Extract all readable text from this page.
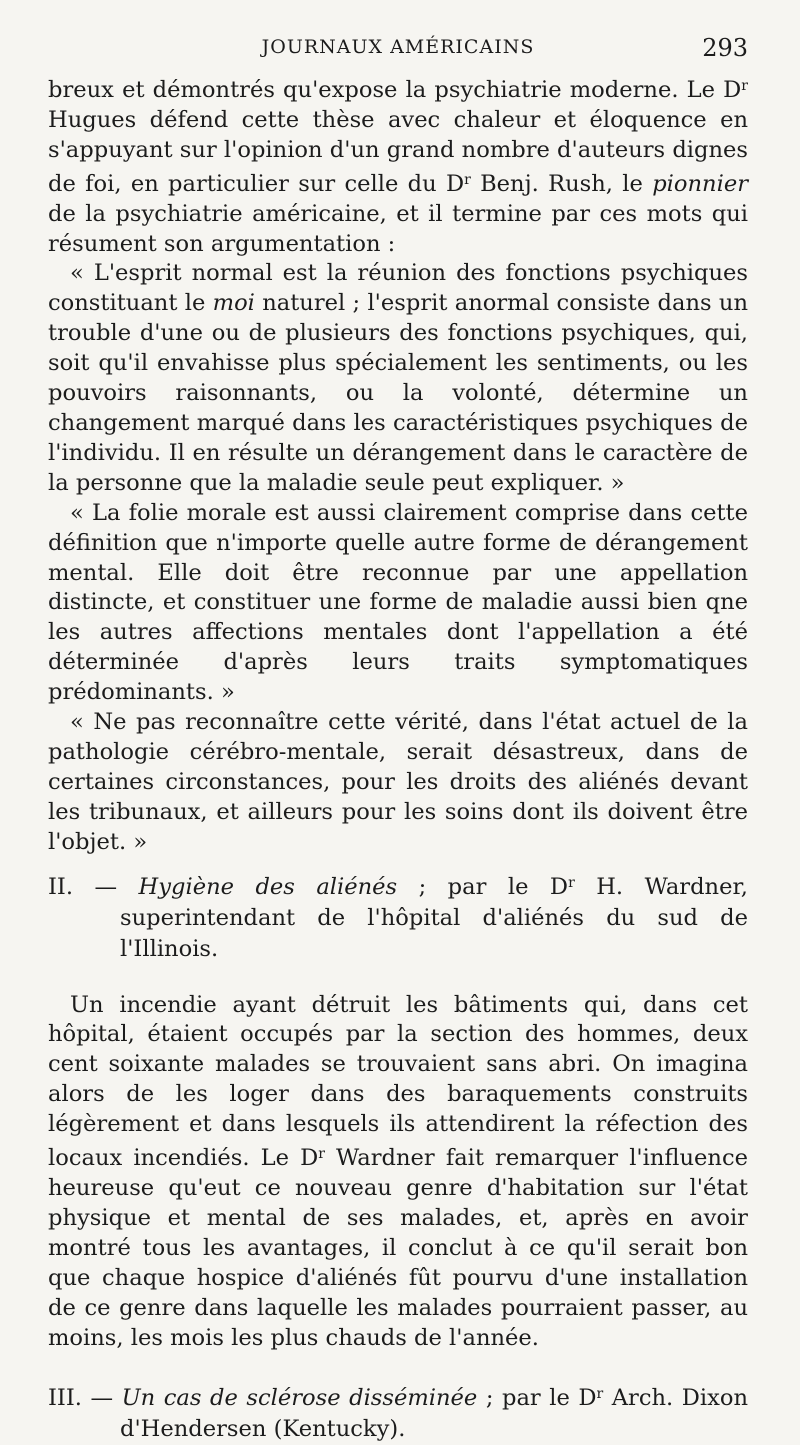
JOURNAUX AMÉRICAINS	293

breux et démontrés qu'expose la psychiatrie moderne. Le $D^r$ Hugues défend cette thèse avec chaleur et éloquence en s'appuyant sur l'opinion d'un grand nombre d'auteurs dignes de foi, en particulier sur celle du $D^r$ Benj. Rush, le pionnier de la psychiatrie américaine, et il termine par ces mots qui résument son argumentation :

« L'esprit normal est la réunion des fonctions psychiques constituant le moi naturel ; l'esprit anormal consiste dans un trouble d'une ou de plusieurs des fonctions psychiques, qui, soit qu'il envahisse plus spécialement les sentiments, ou les pouvoirs raisonnants, ou la volonté, détermine un changement marqué dans les caractéristiques psychiques de l'individu. Il en résulte un dérangement dans le caractère de la personne que la maladie seule peut expliquer. »

« La folie morale est aussi clairement comprise dans cette définition que n'importe quelle autre forme de dérangement mental. Elle doit être reconnue par une appellation distincte, et constituer une forme de maladie aussi bien qne les autres affections mentales dont l'appellation a été déterminée d'après leurs traits symptomatiques prédominants. »

« Ne pas reconnaître cette vérité, dans l'état actuel de la pathologie cérébro-mentale, serait désastreux, dans de certaines circonstances, pour les droits des aliénés devant les tribunaux, et ailleurs pour les soins dont ils doivent être l'objet. »

II. — Hygiène des aliénés ; par le $D^r$ H. Wardner, superintendant de l'hôpital d'aliénés du sud de l'Illinois.

Un incendie ayant détruit les bâtiments qui, dans cet hôpital, étaient occupés par la section des hommes, deux cent soixante malades se trouvaient sans abri. On imagina alors de les loger dans des baraquements construits légèrement et dans lesquels ils attendirent la réfection des locaux incendiés. Le $D^r$ Wardner fait remarquer l'influence heureuse qu'eut ce nouveau genre d'habitation sur l'état physique et mental de ses malades, et, après en avoir montré tous les avantages, il conclut à ce qu'il serait bon que chaque hospice d'aliénés fût pourvu d'une installation de ce genre dans laquelle les malades pourraient passer, au moins, les mois les plus chauds de l'année.

III. — Un cas de sclérose disséminée ; par le $D^r$ Arch. Dixon d'Hendersen (Kentucky).
